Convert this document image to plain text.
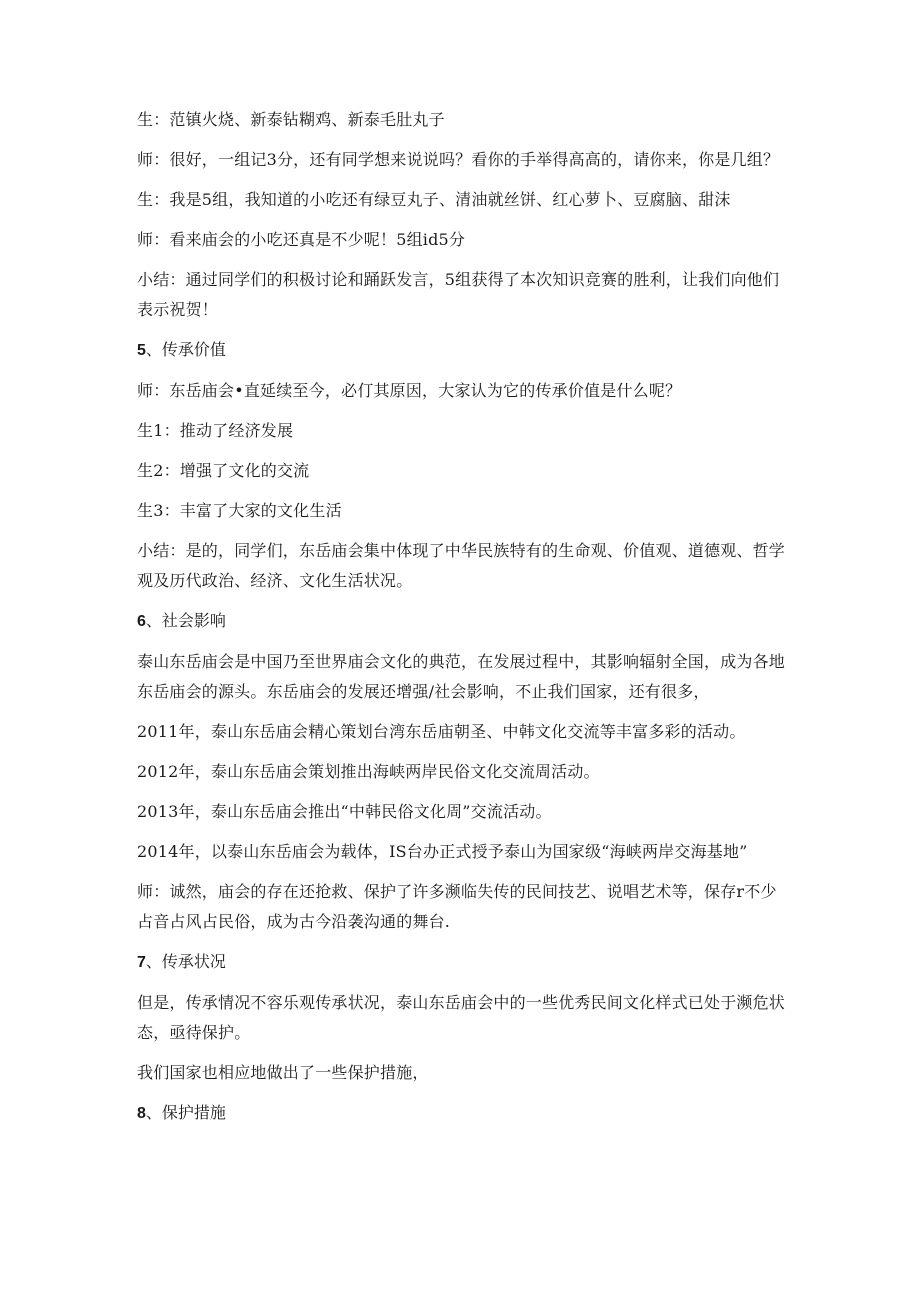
生：范镇火烧、新泰钻糊鸡、新泰毛肚丸子

师：很好，一组记3分，还有同学想来说说吗？看你的手举得高高的，请你来，你是几组？

生：我是5组，我知道的小吃还有绿豆丸子、清油就丝饼、红心萝卜、豆腐脑、甜沫

师：看来庙会的小吃还真是不少呢！5组id5分

小结：通过同学们的积极讨论和踊跃发言，5组获得了本次知识竞赛的胜利，让我们向他们表示祝贺！

5、传承价值

师：东岳庙会•直延续至今，必仃其原因，大家认为它的传承价值是什么呢？

生1：推动了经济发展

生2：增强了文化的交流

生3：丰富了大家的文化生活

小结：是的，同学们，东岳庙会集中体现了中华民族特有的生命观、价值观、道德观、哲学观及历代政治、经济、文化生活状况。

6、社会影响

泰山东岳庙会是中国乃至世界庙会文化的典范，在发展过程中，其影响辐射全国，成为各地东岳庙会的源头。东岳庙会的发展还增强/社会影响，不止我们国家，还有很多，

2011年，泰山东岳庙会精心策划台湾东岳庙朝圣、中韩文化交流等丰富多彩的活动。

2012年，泰山东岳庙会策划推出海峡两岸民俗文化交流周活动。

2013年，泰山东岳庙会推出“中韩民俗文化周”交流活动。

2014年，以泰山东岳庙会为载体，IS台办正式授予泰山为国家级“海峡两岸交海基地”

师：诚然，庙会的存在还抢救、保护了许多濒临失传的民间技艺、说唱艺术等，保存r不少占音占风占民俗，成为古今沿袭沟通的舞台.

7、传承状况

但是，传承情况不容乐观传承状况，泰山东岳庙会中的一些优秀民间文化样式已处于濒危状态，亟待保护。

我们国家也相应地做出了一些保护措施，

8、保护措施
